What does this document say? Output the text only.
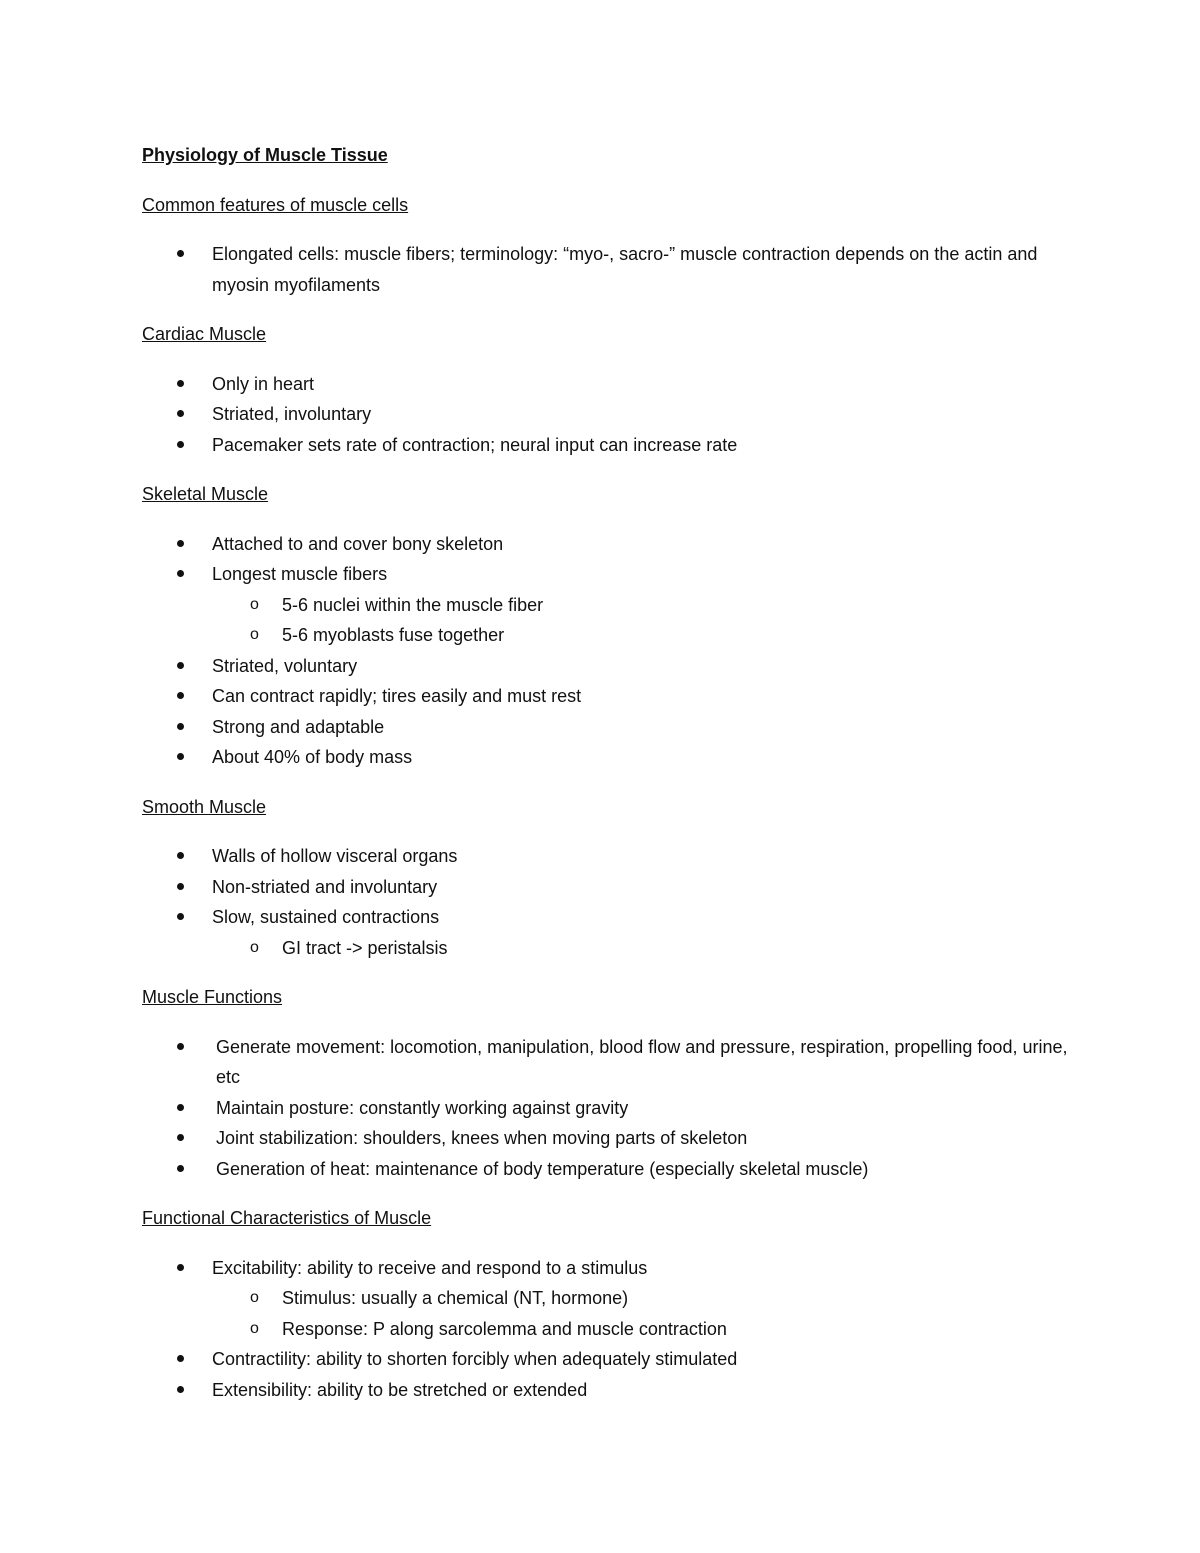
Physiology of Muscle Tissue
Common features of muscle cells
Elongated cells: muscle fibers; terminology: “myo-, sacro-” muscle contraction depends on the actin and myosin myofilaments
Cardiac Muscle
Only in heart
Striated, involuntary
Pacemaker sets rate of contraction; neural input can increase rate
Skeletal Muscle
Attached to and cover bony skeleton
Longest muscle fibers
o 5-6 nuclei within the muscle fiber
o 5-6 myoblasts fuse together
Striated, voluntary
Can contract rapidly; tires easily and must rest
Strong and adaptable
About 40% of body mass
Smooth Muscle
Walls of hollow visceral organs
Non-striated and involuntary
Slow, sustained contractions
o GI tract -> peristalsis
Muscle Functions
Generate movement: locomotion, manipulation, blood flow and pressure, respiration, propelling food, urine, etc
Maintain posture: constantly working against gravity
Joint stabilization: shoulders, knees when moving parts of skeleton
Generation of heat: maintenance of body temperature (especially skeletal muscle)
Functional Characteristics of Muscle
Excitability: ability to receive and respond to a stimulus
o Stimulus: usually a chemical (NT, hormone)
o Response: P along sarcolemma and muscle contraction
Contractility: ability to shorten forcibly when adequately stimulated
Extensibility: ability to be stretched or extended
